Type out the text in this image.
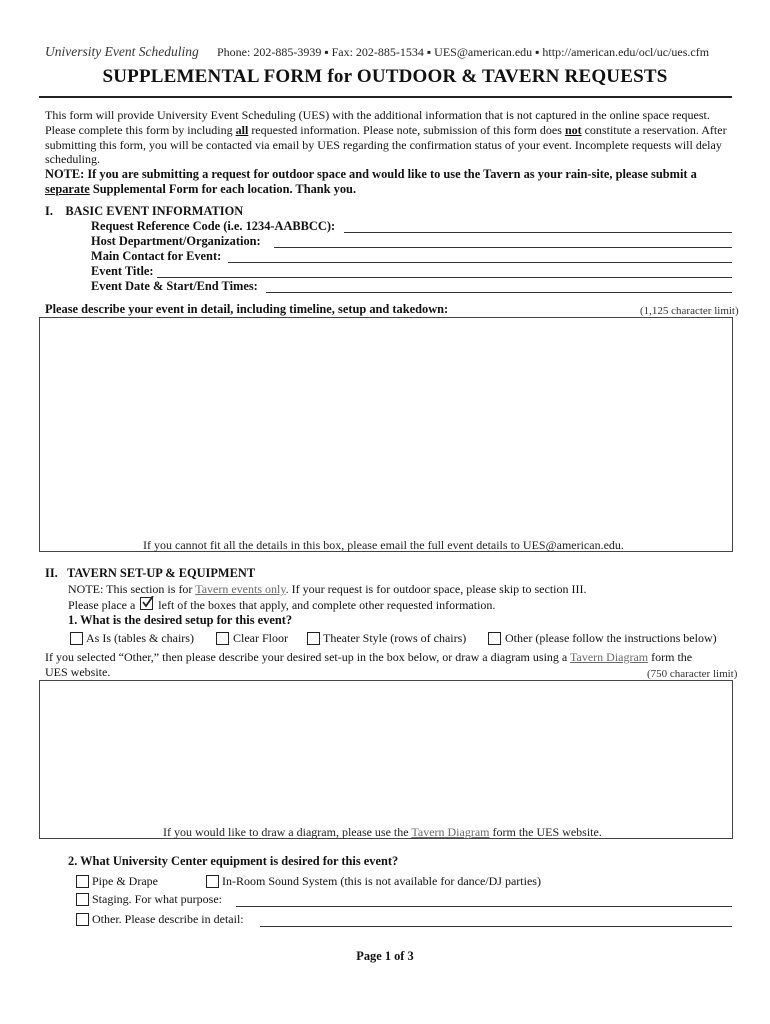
University Event Scheduling Phone: 202-885-3939 ▪ Fax: 202-885-1534 ▪ UES@american.edu ▪ http://american.edu/ocl/uc/ues.cfm
SUPPLEMENTAL FORM for OUTDOOR & TAVERN REQUESTS
This form will provide University Event Scheduling (UES) with the additional information that is not captured in the online space request. Please complete this form by including all requested information. Please note, submission of this form does not constitute a reservation. After submitting this form, you will be contacted via email by UES regarding the confirmation status of your event. Incomplete requests will delay scheduling.
NOTE: If you are submitting a request for outdoor space and would like to use the Tavern as your rain-site, please submit a separate Supplemental Form for each location. Thank you.
I.    BASIC EVENT INFORMATION
Request Reference Code (i.e. 1234-AABBCC):
Host Department/Organization:
Main Contact for Event:
Event Title:
Event Date & Start/End Times:
Please describe your event in detail, including timeline, setup and takedown:	(1,125 character limit)
If you cannot fit all the details in this box, please email the full event details to UES@american.edu.
II.   TAVERN SET-UP & EQUIPMENT
NOTE: This section is for Tavern events only. If your request is for outdoor space, please skip to section III.
Please place a
left of the boxes that apply, and complete other requested information.
1. What is the desired setup for this event?
As Is (tables & chairs)	Clear Floor	Theater Style (rows of chairs)	Other (please follow the instructions below)
If you selected “Other,” then please describe your desired set-up in the box below, or draw a diagram using a Tavern Diagram form the
UES website.	(750 character limit)
If you would like to draw a diagram, please use the Tavern Diagram form the UES website.
2. What University Center equipment is desired for this event?
Pipe & Drape	In-Room Sound System (this is not available for dance/DJ parties)
Staging. For what purpose:
Other. Please describe in detail:
Page 1 of 3
